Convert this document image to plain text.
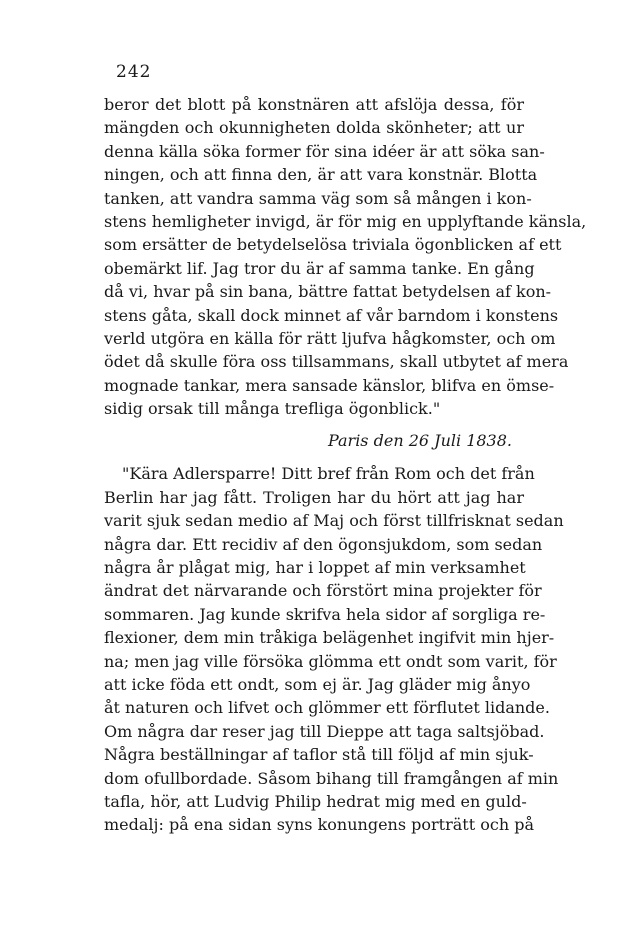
242
beror det blott på konstnären att afslöja dessa, för
mängden och okunnigheten dolda skönheter; att ur
denna källa söka former för sina idéer är att söka san-
ningen, och att finna den, är att vara konstnär. Blotta
tanken, att vandra samma väg som så mången i kon-
stens hemligheter invigd, är för mig en upplyftande känsla,
som ersätter de betydelselösa triviala ögonblicken af ett
obemärkt lif. Jag tror du är af samma tanke. En gång
då vi, hvar på sin bana, bättre fattat betydelsen af kon-
stens gåta, skall dock minnet af vår barndom i konstens
verld utgöra en källa för rätt ljufva hågkomster, och om
ödet då skulle föra oss tillsammans, skall utbytet af mera
mognade tankar, mera sansade känslor, blifva en ömse-
sidig orsak till många trefliga ögonblick."
Paris den 26 Juli 1838.
"Kära Adlersparre! Ditt bref från Rom och det från
Berlin har jag fått. Troligen har du hört att jag har
varit sjuk sedan medio af Maj och först tillfrisknat sedan
några dar. Ett recidiv af den ögonsjukdom, som sedan
några år plågat mig, har i loppet af min verksamhet
ändrat det närvarande och förstört mina projekter för
sommaren. Jag kunde skrifva hela sidor af sorgliga re-
flexioner, dem min tråkiga belägenhet ingifvit min hjer-
na; men jag ville försöka glömma ett ondt som varit, för
att icke föda ett ondt, som ej är. Jag gläder mig ånyo
åt naturen och lifvet och glömmer ett förflutet lidande.
Om några dar reser jag till Dieppe att taga saltsjöbad.
Några beställningar af taflor stå till följd af min sjuk-
dom ofullbordade. Såsom bihang till framgången af min
tafla, hör, att Ludvig Philip hedrat mig med en guld-
medalj: på ena sidan syns konungens porträtt och på
